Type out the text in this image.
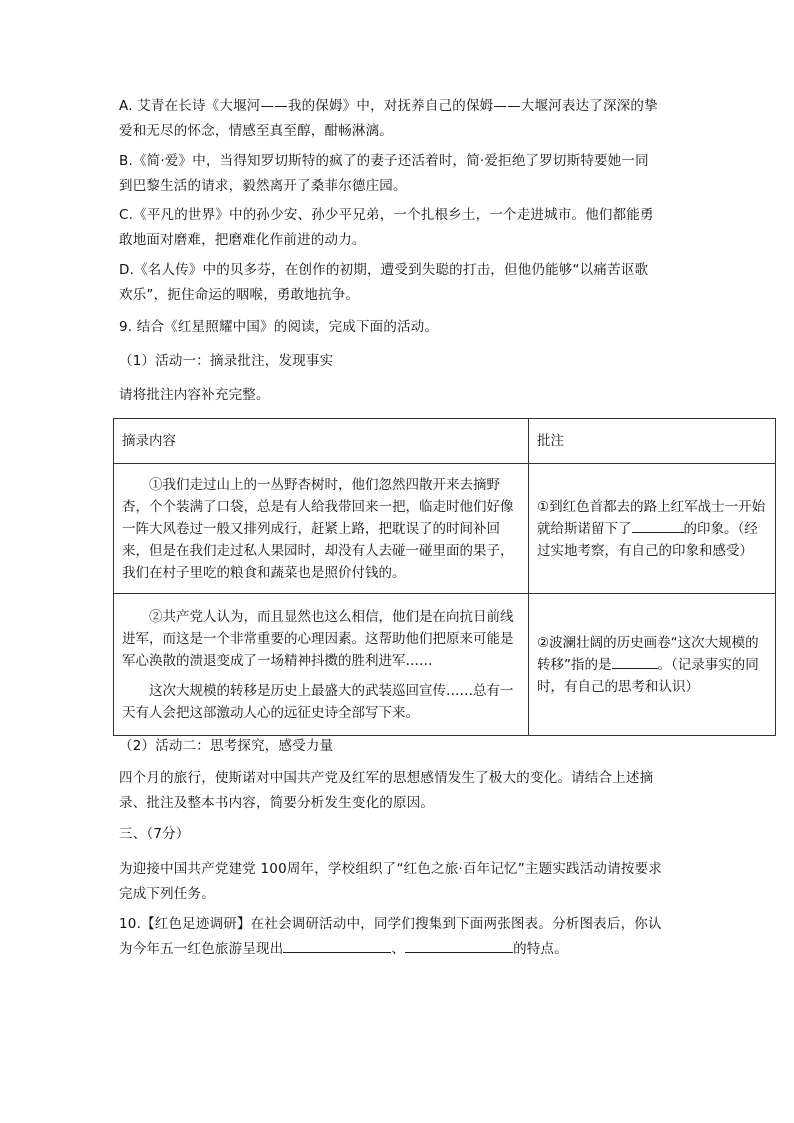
A. 艾青在长诗《大堰河——我的保姆》中，对抚养自己的保姆——大堰河表达了深深的挚
爱和无尽的怀念，情感至真至醇，酣畅淋漓。
B.《简·爱》中，当得知罗切斯特的疯了的妻子还活着时，简·爱拒绝了罗切斯特要她一同
到巴黎生活的请求，毅然离开了桑菲尔德庄园。
C.《平凡的世界》中的孙少安、孙少平兄弟，一个扎根乡土，一个走进城市。他们都能勇
敢地面对磨难，把磨难化作前进的动力。
D.《名人传》中的贝多芬，在创作的初期，遭受到失聪的打击，但他仍能够“以痛苦讴歌
欢乐”，扼住命运的咽喉，勇敢地抗争。
9. 结合《红星照耀中国》的阅读，完成下面的活动。
（1）活动一：摘录批注，发现事实
请将批注内容补充完整。
摘录内容	批注

①我们走过山上的一丛野杏树时，他们忽然四散开来去摘野杏，个个装满了口袋，总是有人给我带回来一把，临走时他们好像一阵大风卷过一般又排列成行，赶紧上路，把耽误了的时间补回来，但是在我们走过私人果园时，却没有人去碰一碰里面的果子，我们在村子里吃的粮食和蔬菜也是照价付钱的。	①到红色首都去的路上红军战士一开始就给斯诺留下了 的印象。（经过实地考察，有自己的印象和感受）

②共产党人认为，而且显然也这么相信，他们是在向抗日前线进军，而这是一个非常重要的心理因素。这帮助他们把原来可能是军心涣散的溃退变成了一场精神抖擞的胜利进军……

这次大规模的转移是历史上最盛大的武装巡回宣传……总有一天有人会把这部激动人心的远征史诗全部写下来。	②波澜壮阔的历史画卷“这次大规模的转移”指的是 。（记录事实的同时，有自己的思考和认识）
（2）活动二：思考探究，感受力量
四个月的旅行，使斯诺对中国共产党及红军的思想感情发生了极大的变化。请结合上述摘
录、批注及整本书内容，简要分析发生变化的原因。
三、（7分）
为迎接中国共产党建党 100周年，学校组织了“红色之旅·百年记忆”主题实践活动请按要求
完成下列任务。
10.【红色足迹调研】在社会调研活动中，同学们搜集到下面两张图表。分析图表后，你认
为今年五一红色旅游呈现出	、	的特点。
